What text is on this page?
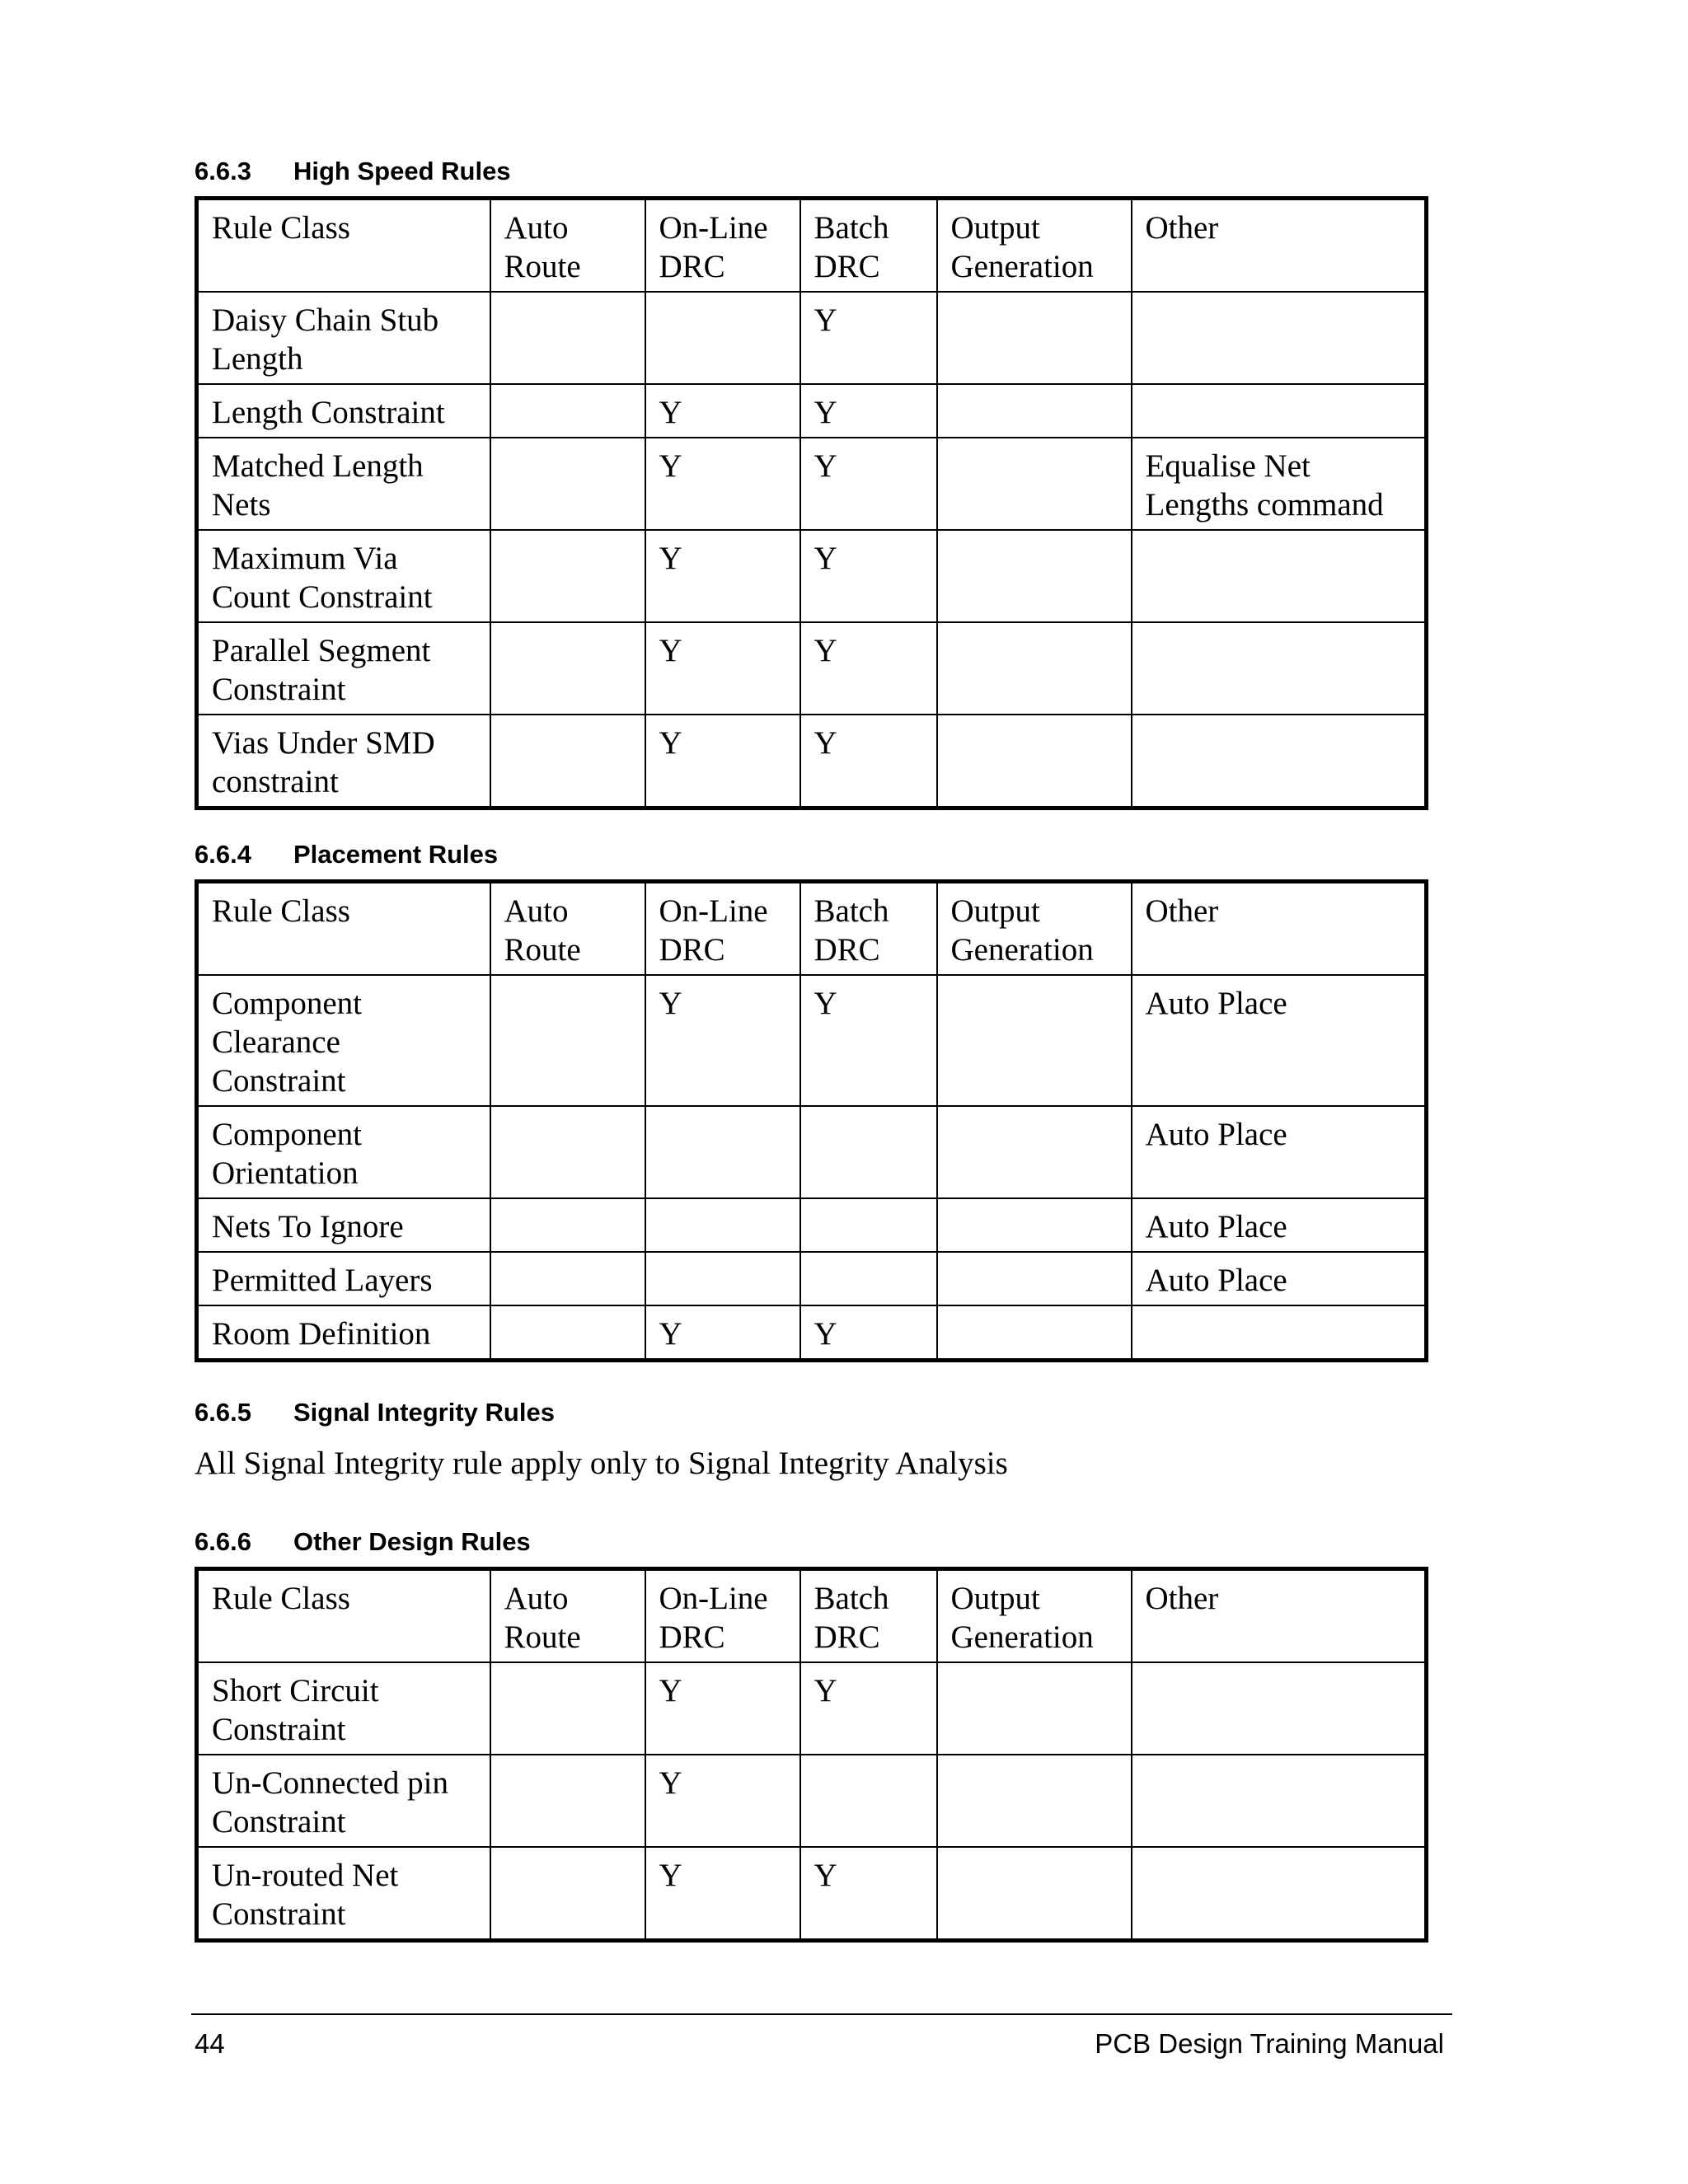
6.6.3 High Speed Rules
Rule Class	Auto Route	On-Line DRC	Batch DRC	Output Generation	Other
Daisy Chain Stub Length			Y		
Length Constraint		Y	Y		
Matched Length Nets		Y	Y		Equalise Net Lengths command
Maximum Via Count Constraint		Y	Y		
Parallel Segment Constraint		Y	Y		
Vias Under SMD constraint		Y	Y		
6.6.4 Placement Rules
Rule Class	Auto Route	On-Line DRC	Batch DRC	Output Generation	Other
Component Clearance Constraint		Y	Y		Auto Place
Component Orientation					Auto Place
Nets To Ignore					Auto Place
Permitted Layers					Auto Place
Room Definition		Y	Y		
6.6.5 Signal Integrity Rules
All Signal Integrity rule apply only to Signal Integrity Analysis
6.6.6 Other Design Rules
Rule Class	Auto Route	On-Line DRC	Batch DRC	Output Generation	Other
Short Circuit Constraint		Y	Y		
Un-Connected pin Constraint		Y			
Un-routed Net Constraint		Y	Y		
44	PCB Design Training Manual
